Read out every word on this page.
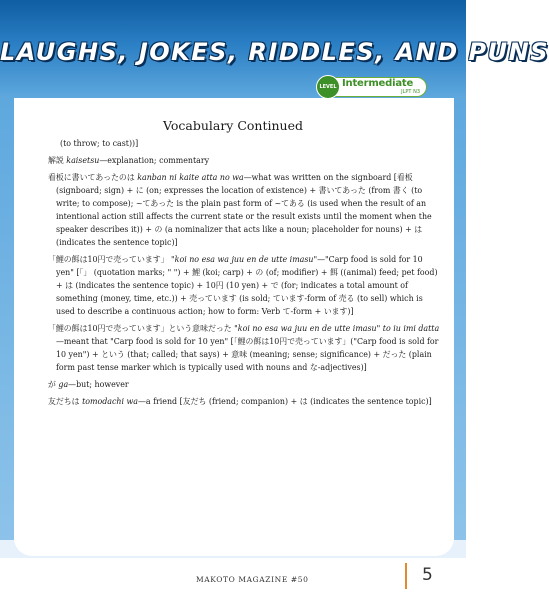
LAUGHS, JOKES, RIDDLES, AND PUNS
LEVEL Intermediate
JLPT N3
Vocabulary Continued

(to throw; to cast))]

解説 kaisetsu—explanation; commentary

看板に書いてあったのは kanban ni kaite atta no wa—what was written on the signboard [看板 (signboard; sign) + に (on; expresses the location of existence) + 書いてあった (from 書く (to write; to compose); ~てあった is the plain past form of ~てある (is used when the result of an intentional action still affects the current state or the result exists until the moment when the speaker describes it)) + の (a nominalizer that acts like a noun; placeholder for nouns) + は (indicates the sentence topic)]

「鯉の餌は10円で売っています」 "koi no esa wa juu en de utte imasu"—"Carp food is sold for 10 yen" [「」 (quotation marks; " ") + 鯉 (koi; carp) + の (of; modifier) + 餌 ((animal) feed; pet food) + は (indicates the sentence topic) + 10円 (10 yen) + で (for; indicates a total amount of something (money, time, etc.)) + 売っています (is sold; ています-form of 売る (to sell) which is used to describe a continuous action; how to form: Verb て-form + います)]

「鯉の餌は10円で売っています」という意味だった "koi no esa wa juu en de utte imasu" to iu imi datta—meant that "Carp food is sold for 10 yen" [「鯉の餌は10円で売っています」("Carp food is sold for 10 yen") + という (that; called; that says) + 意味 (meaning; sense; significance) + だった (plain form past tense marker which is typically used with nouns and な-adjectives)]

が ga—but; however

友だちは tomodachi wa—a friend [友だち (friend; companion) + は (indicates the sentence topic)]

MAKOTO MAGAZINE #50	5
